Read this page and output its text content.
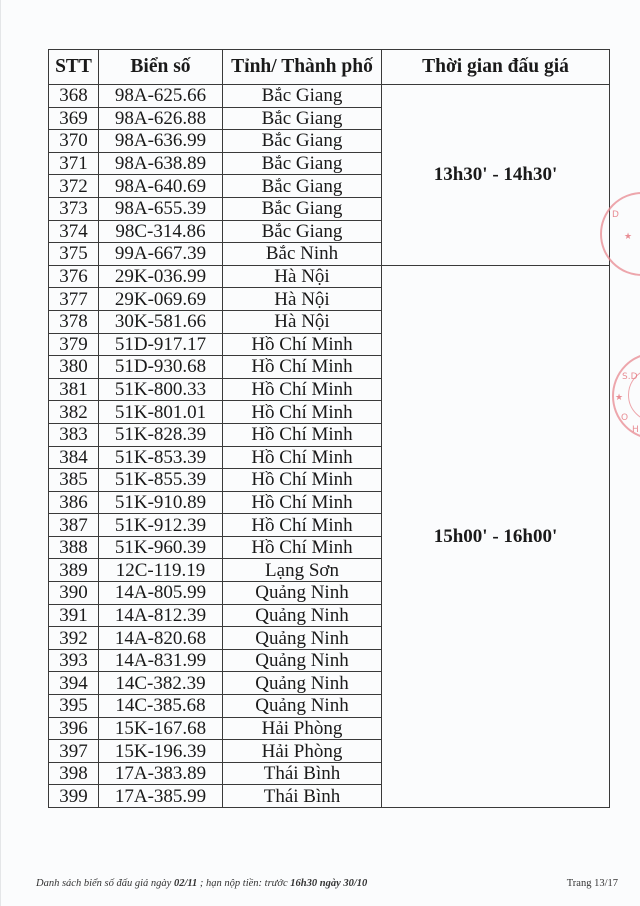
STT	Biển số	Tỉnh/ Thành phố	Thời gian đấu giá
368	98A-625.66	Bắc Giang	13h30' - 14h30'
369	98A-626.88	Bắc Giang	
370	98A-636.99	Bắc Giang	
371	98A-638.89	Bắc Giang	
372	98A-640.69	Bắc Giang	
373	98A-655.39	Bắc Giang	
374	98C-314.86	Bắc Giang	
375	99A-667.39	Bắc Ninh	
376	29K-036.99	Hà Nội	15h00' - 16h00'
377	29K-069.69	Hà Nội	
378	30K-581.66	Hà Nội	
379	51D-917.17	Hồ Chí Minh	
380	51D-930.68	Hồ Chí Minh	
381	51K-800.33	Hồ Chí Minh	
382	51K-801.01	Hồ Chí Minh	
383	51K-828.39	Hồ Chí Minh	
384	51K-853.39	Hồ Chí Minh	
385	51K-855.39	Hồ Chí Minh	
386	51K-910.89	Hồ Chí Minh	
387	51K-912.39	Hồ Chí Minh	
388	51K-960.39	Hồ Chí Minh	
389	12C-119.19	Lạng Sơn	
390	14A-805.99	Quảng Ninh	
391	14A-812.39	Quảng Ninh	
392	14A-820.68	Quảng Ninh	
393	14A-831.99	Quảng Ninh	
394	14C-382.39	Quảng Ninh	
395	14C-385.68	Quảng Ninh	
396	15K-167.68	Hải Phòng	
397	15K-196.39	Hải Phòng	
398	17A-383.89	Thái Bình	
399	17A-385.99	Thái Bình	
D
★
S.D
★
O
H
Danh sách biển số đấu giá ngày 02/11 ; hạn nộp tiền: trước 16h30 ngày 30/10	Trang 13/17
